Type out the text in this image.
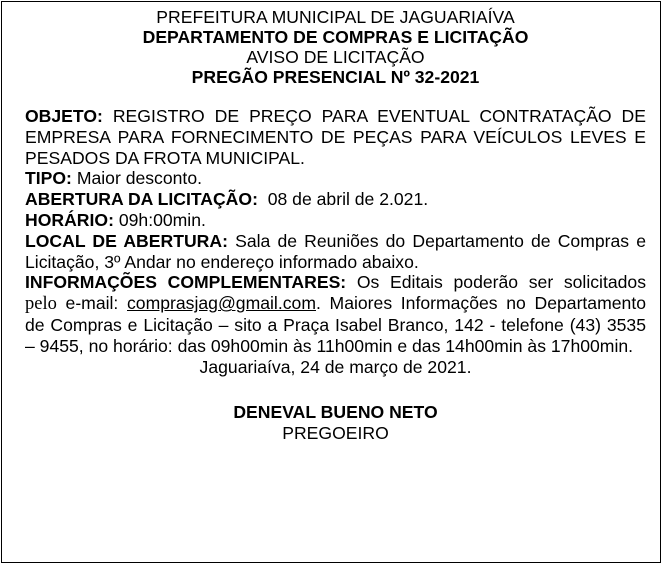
PREFEITURA MUNICIPAL DE JAGUARIAÍVA
DEPARTAMENTO DE COMPRAS E LICITAÇÃO
AVISO DE LICITAÇÃO
PREGÃO PRESENCIAL Nº 32-2021

OBJETO: REGISTRO DE PREÇO PARA EVENTUAL CONTRATAÇÃO DE EMPRESA PARA FORNECIMENTO DE PEÇAS PARA VEÍCULOS LEVES E PESADOS DA FROTA MUNICIPAL.

TIPO: Maior desconto.

ABERTURA DA LICITAÇÃO: 08 de abril de 2.021.

HORÁRIO: 09h:00min.

LOCAL DE ABERTURA: Sala de Reuniões do Departamento de Compras e Licitação, 3º Andar no endereço informado abaixo.

INFORMAÇÕES COMPLEMENTARES: Os Editais poderão ser solicitados pelo e-mail: comprasjag@gmail.com. Maiores Informações no Departamento de Compras e Licitação – sito a Praça Isabel Branco, 142 - telefone (43) 3535 – 9455, no horário: das 09h00min às 11h00min e das 14h00min às 17h00min.

Jaguariaíva, 24 de março de 2021.

DENEVAL BUENO NETO
PREGOEIRO
